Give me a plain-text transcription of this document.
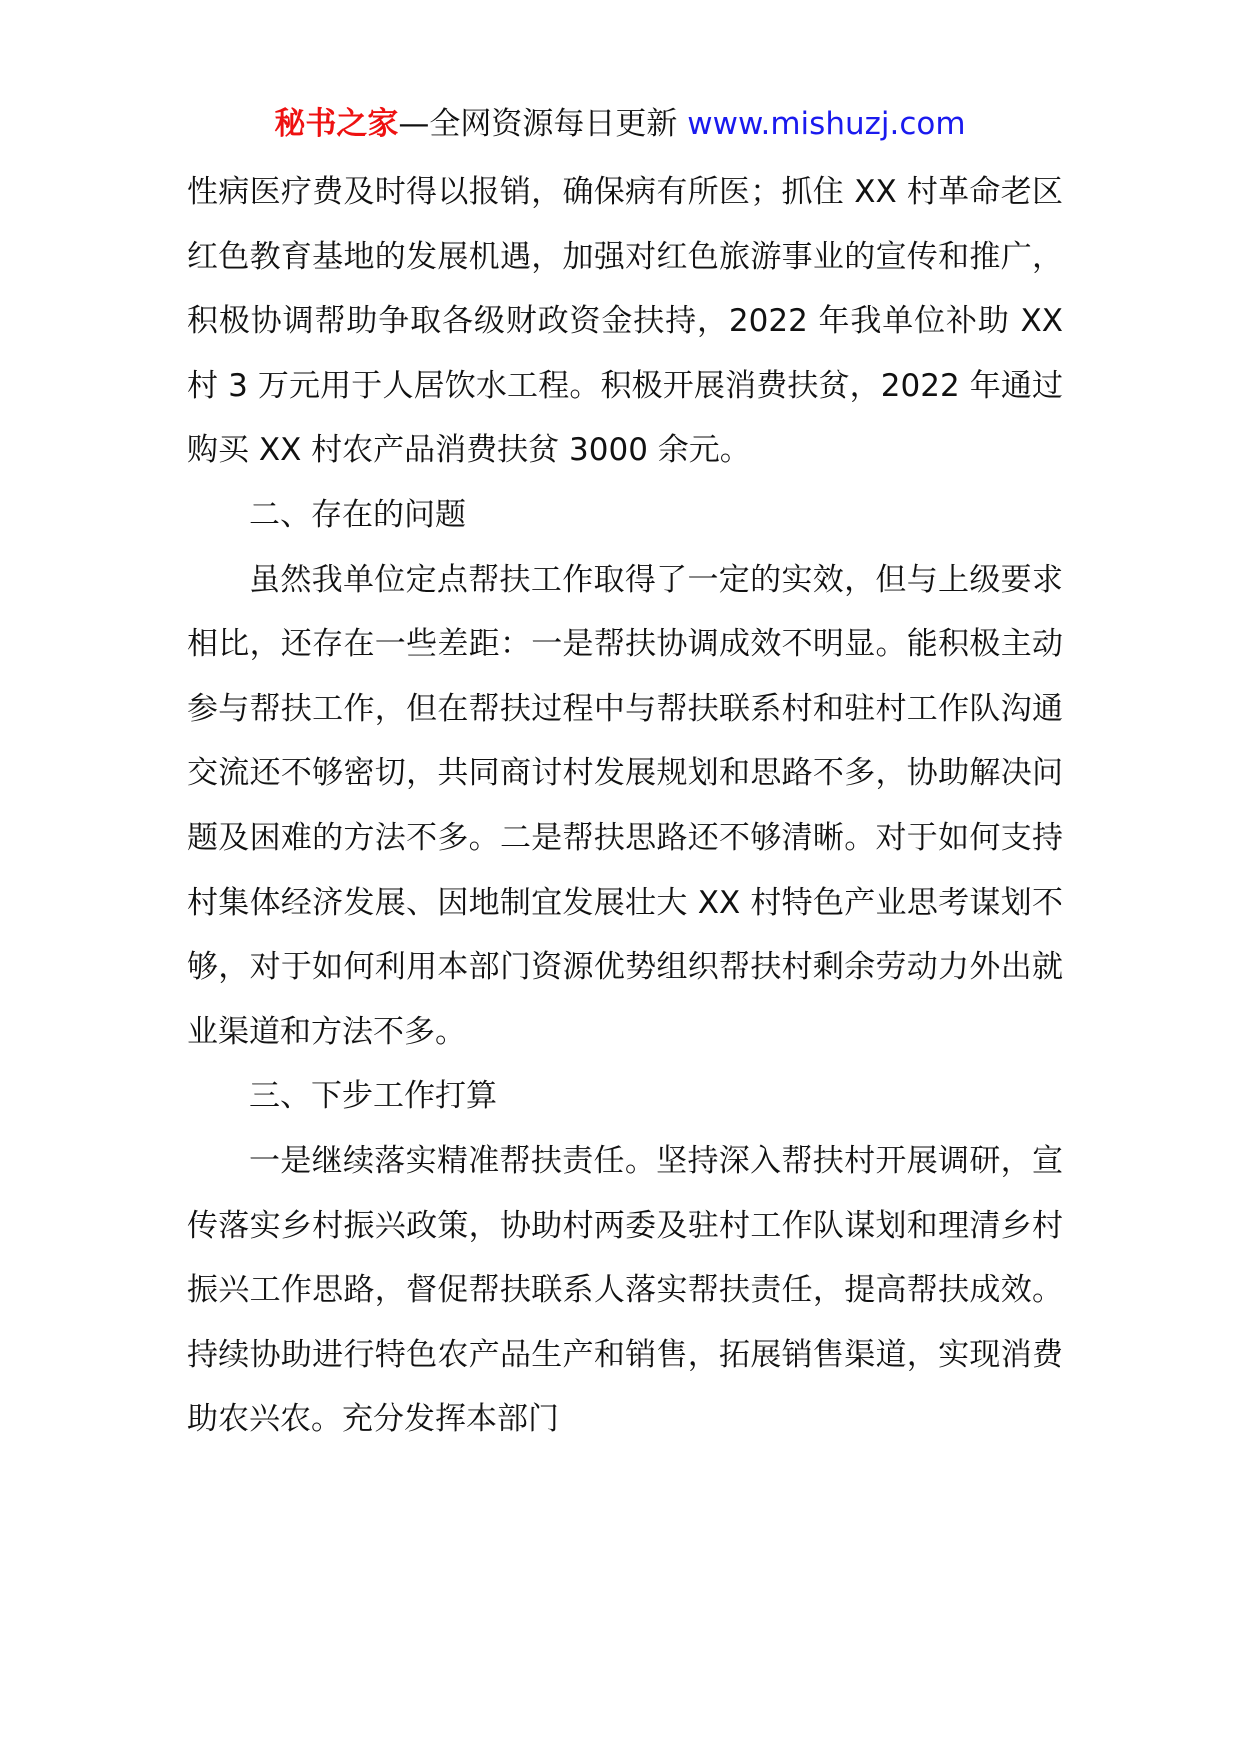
秘书之家—全网资源每日更新 www.mishuzj.com

性病医疗费及时得以报销，确保病有所医；抓住 XX 村革命老区红色教育基地的发展机遇，加强对红色旅游事业的宣传和推广，积极协调帮助争取各级财政资金扶持，2022 年我单位补助 XX 村 3 万元用于人居饮水工程。积极开展消费扶贫，2022 年通过购买 XX 村农产品消费扶贫 3000 余元。

二、存在的问题

虽然我单位定点帮扶工作取得了一定的实效，但与上级要求相比，还存在一些差距：一是帮扶协调成效不明显。能积极主动参与帮扶工作，但在帮扶过程中与帮扶联系村和驻村工作队沟通交流还不够密切，共同商讨村发展规划和思路不多，协助解决问题及困难的方法不多。二是帮扶思路还不够清晰。对于如何支持村集体经济发展、因地制宜发展壮大 XX 村特色产业思考谋划不够，对于如何利用本部门资源优势组织帮扶村剩余劳动力外出就业渠道和方法不多。

三、下步工作打算

一是继续落实精准帮扶责任。坚持深入帮扶村开展调研，宣传落实乡村振兴政策，协助村两委及驻村工作队谋划和理清乡村振兴工作思路，督促帮扶联系人落实帮扶责任，提高帮扶成效。持续协助进行特色农产品生产和销售，拓展销售渠道，实现消费助农兴农。充分发挥本部门
